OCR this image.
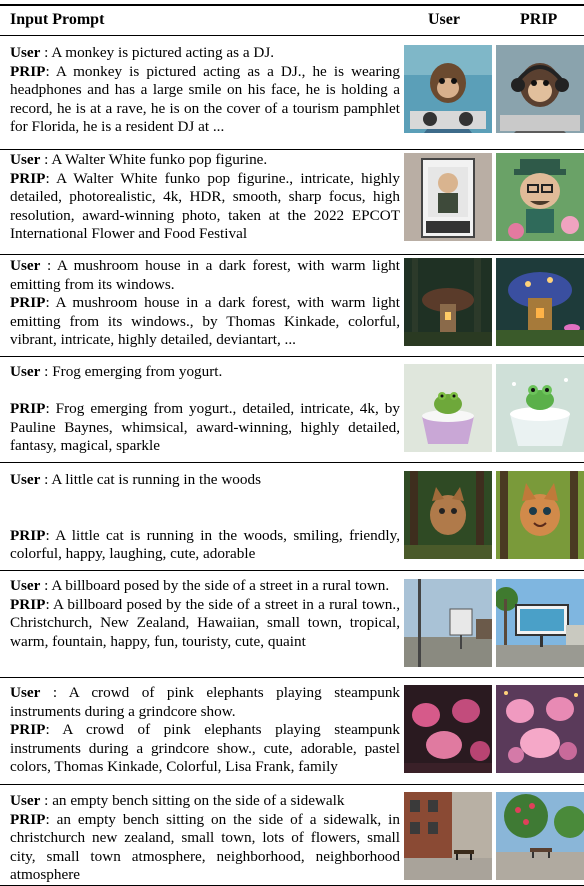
Input Prompt	User	PRIP

User : A monkey is pictured acting as a DJ.

PRIP: A monkey is pictured acting as a DJ., he is wearing headphones and has a large smile on his face, he is holding a record, he is at a rave, he is on the cover of a tourism pamphlet for Florida, he is a resident DJ at ...

User : A Walter White funko pop figurine.

PRIP: A Walter White funko pop figurine., intricate, highly detailed, photorealistic, 4k, HDR, smooth, sharp focus, high resolution, award-winning photo, taken at the 2022 EPCOT International Flower and Food Festival

User : A mushroom house in a dark forest, with warm light emitting from its windows.

PRIP: A mushroom house in a dark forest, with warm light emitting from its windows., by Thomas Kinkade, colorful, vibrant, intricate, highly detailed, deviantart, ...

User : Frog emerging from yogurt.

PRIP: Frog emerging from yogurt., detailed, intricate, 4k, by Pauline Baynes, whimsical, award-winning, highly detailed, fantasy, magical, sparkle

User : A little cat is running in the woods

PRIP: A little cat is running in the woods, smiling, friendly, colorful, happy, laughing, cute, adorable

User : A billboard posed by the side of a street in a rural town.

PRIP: A billboard posed by the side of a street in a rural town., Christchurch, New Zealand, Hawaiian, small town, tropical, warm, fountain, happy, fun, touristy, cute, quaint

User : A crowd of pink elephants playing steampunk instruments during a grindcore show.

PRIP: A crowd of pink elephants playing steampunk instruments during a grindcore show., cute, adorable, pastel colors, Thomas Kinkade, Colorful, Lisa Frank, family

User : an empty bench sitting on the side of a sidewalk

PRIP: an empty bench sitting on the side of a sidewalk, in christchurch new zealand, small town, lots of flowers, small city, small town atmosphere, neighborhood, neighborhood atmosphere
